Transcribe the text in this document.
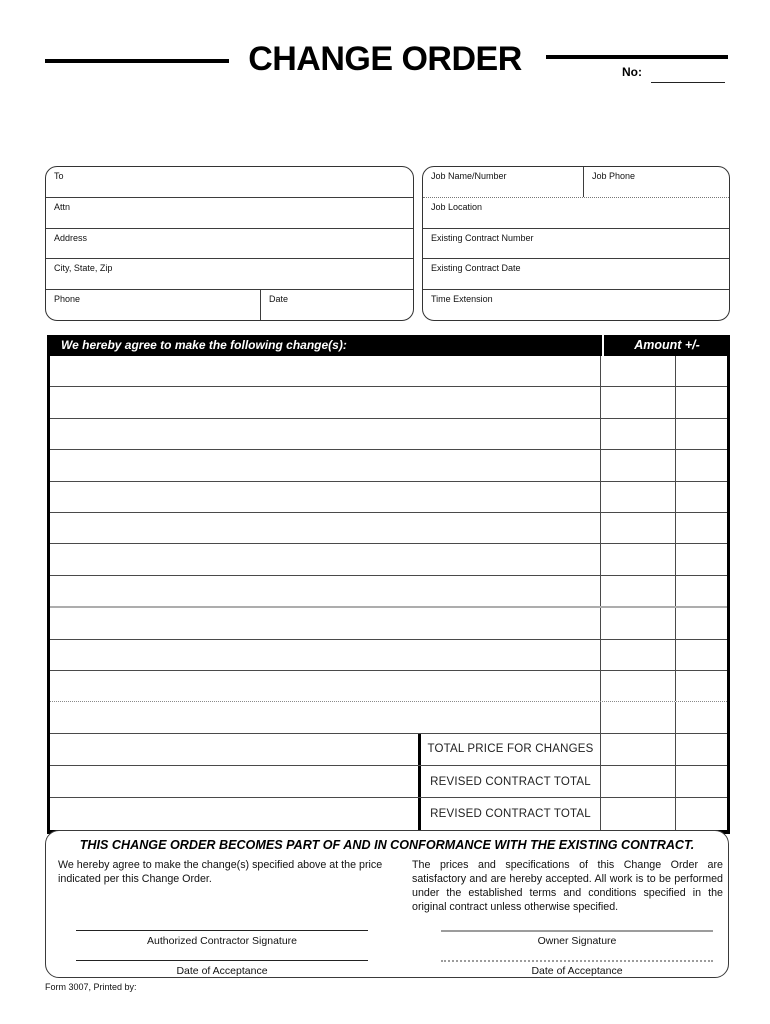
CHANGE ORDER	No:
To
Attn
Address
City, State, Zip
Phone	Date
Job Name/Number	Job Phone
Job Location
Existing Contract Number
Existing Contract Date
Time Extension
We hereby agree to make the following change(s):	Amount +/-
TOTAL PRICE FOR CHANGES
REVISED CONTRACT TOTAL
REVISED CONTRACT TOTAL
THIS CHANGE ORDER BECOMES PART OF AND IN CONFORMANCE WITH THE EXISTING CONTRACT.
We hereby agree to make the change(s) specified above at the price indicated per this Change Order.
The prices and specifications of this Change Order are satisfactory and are hereby accepted. All work is to be performed under the established terms and conditions specified in the original contract unless otherwise specified.
Authorized Contractor Signature
Date of Acceptance
Owner Signature
Date of Acceptance
Form 3007, Printed by:
